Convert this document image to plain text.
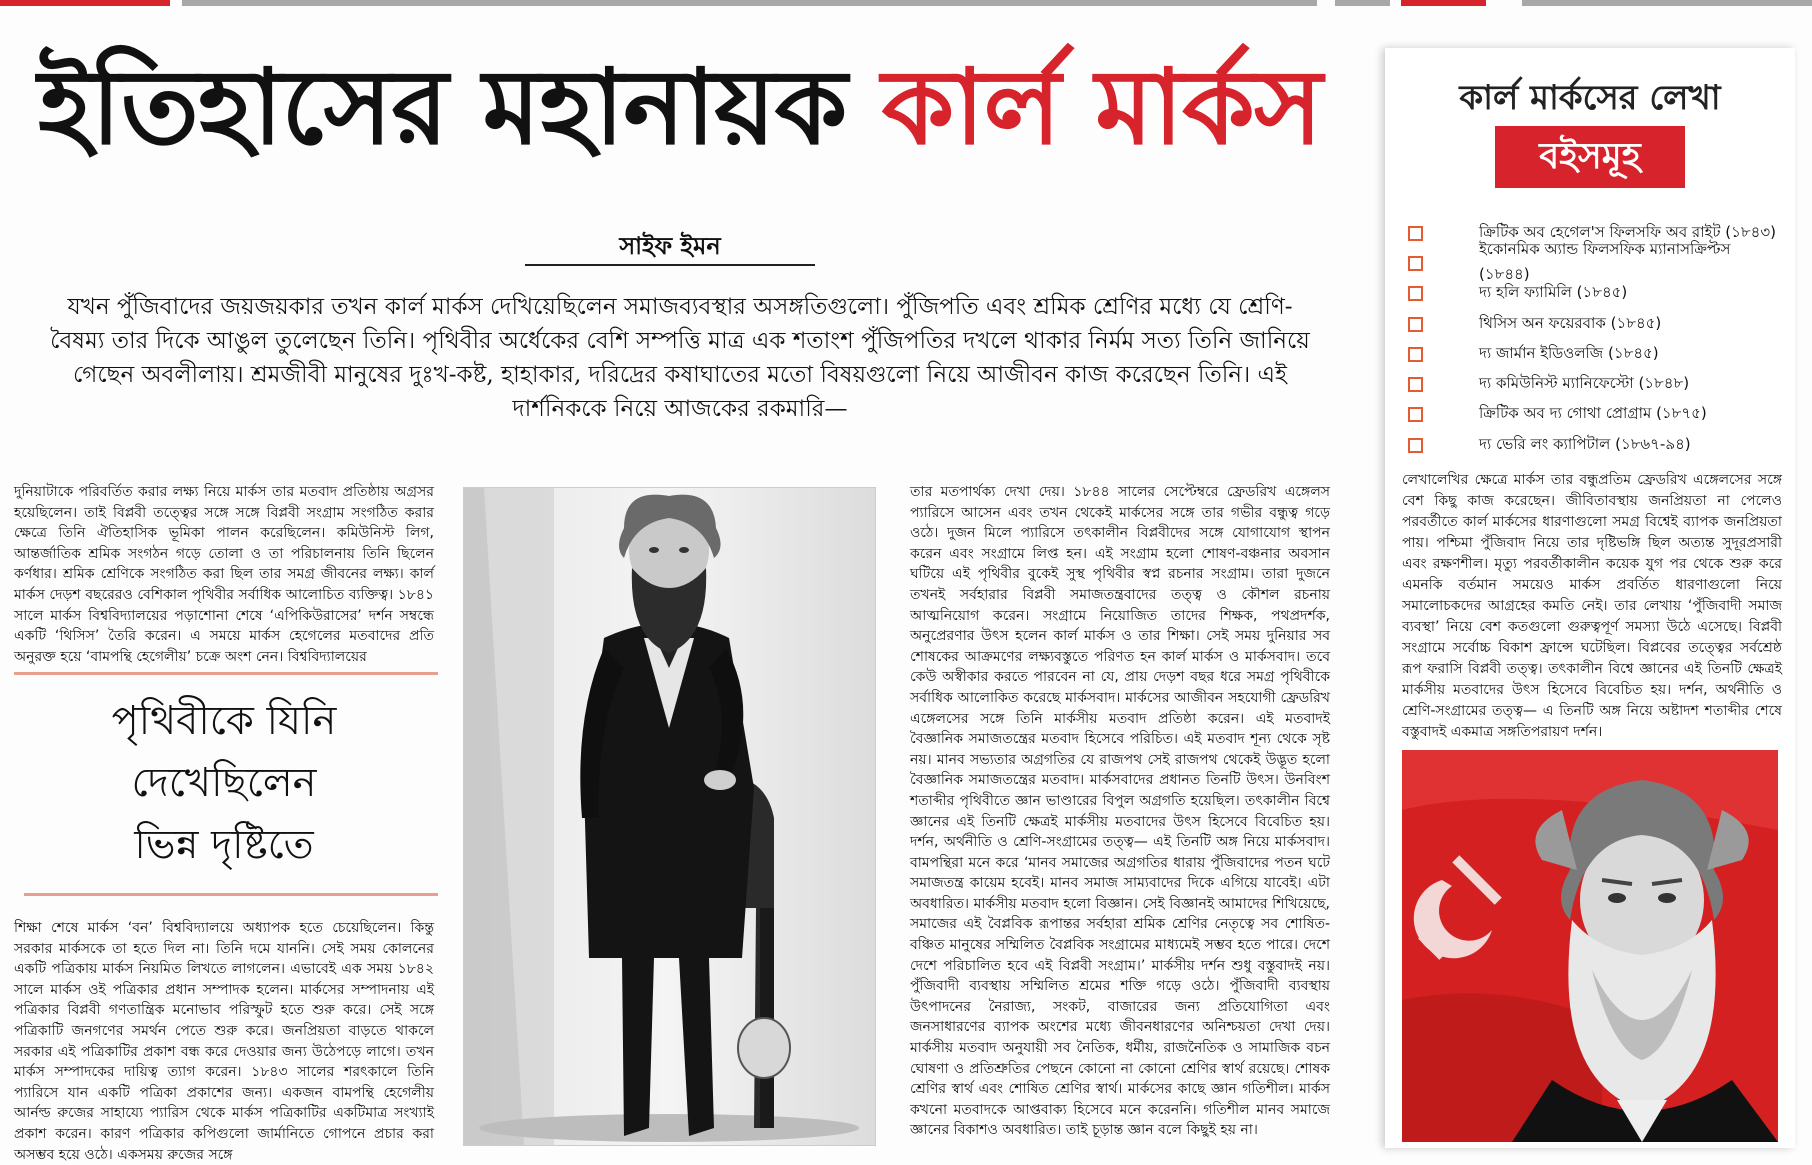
ইতিহাসের মহানায়ক কার্ল মার্কস
সাইফ ইমন
যখন পুঁজিবাদের জয়জয়কার তখন কার্ল মার্কস দেখিয়েছিলেন সমাজব্যবস্থার অসঙ্গতিগুলো। পুঁজিপতি এবং শ্রমিক শ্রেণির মধ্যে যে শ্রেণি-বৈষম্য তার দিকে আঙুল তুলেছেন তিনি। পৃথিবীর অর্ধেকের বেশি সম্পত্তি মাত্র এক শতাংশ পুঁজিপতির দখলে থাকার নির্মম সত্য তিনি জানিয়ে গেছেন অবলীলায়। শ্রমজীবী মানুষের দুঃখ-কষ্ট, হাহাকার, দরিদ্রের কষাঘাতের মতো বিষয়গুলো নিয়ে আজীবন কাজ করেছেন তিনি। এই দার্শনিককে নিয়ে আজকের রকমারি—

দুনিয়াটাকে পরিবর্তিত করার লক্ষ্য নিয়ে মার্কস তার মতবাদ প্রতিষ্ঠায় অগ্রসর হয়েছিলেন। তাই বিপ্লবী তত্ত্বের সঙ্গে সঙ্গে বিপ্লবী সংগ্রাম সংগঠিত করার ক্ষেত্রে তিনি ঐতিহাসিক ভূমিকা পালন করেছিলেন। কমিউনিস্ট লিগ, আন্তর্জাতিক শ্রমিক সংগঠন গড়ে তোলা ও তা পরিচালনায় তিনি ছিলেন কর্ণধার। শ্রমিক শ্রেণিকে সংগঠিত করা ছিল তার সমগ্র জীবনের লক্ষ্য। কার্ল মার্কস দেড়শ বছরেরও বেশিকাল পৃথিবীর সর্বাধিক আলোচিত ব্যক্তিত্ব। ১৮৪১ সালে মার্কস বিশ্ববিদ্যালয়ের পড়াশোনা শেষে ‘এপিকিউরাসের’ দর্শন সম্বন্ধে একটি ‘থিসিস’ তৈরি করেন। এ সময়ে মার্কস হেগেলের মতবাদের প্রতি অনুরক্ত হয়ে ‘বামপন্থি হেগেলীয়’ চক্রে অংশ নেন। বিশ্ববিদ্যালয়ের

পৃথিবীকে যিনি
দেখেছিলেন
ভিন্ন দৃষ্টিতে

শিক্ষা শেষে মার্কস ‘বন’ বিশ্ববিদ্যালয়ে অধ্যাপক হতে চেয়েছিলেন। কিন্তু সরকার মার্কসকে তা হতে দিল না। তিনি দমে যাননি। সেই সময় কোলনের একটি পত্রিকায় মার্কস নিয়মিত লিখতে লাগলেন। এভাবেই এক সময় ১৮৪২ সালে মার্কস ওই পত্রিকার প্রধান সম্পাদক হলেন। মার্কসের সম্পাদনায় এই পত্রিকার বিপ্লবী গণতান্ত্রিক মনোভাব পরিস্ফুট হতে শুরু করে। সেই সঙ্গে পত্রিকাটি জনগণের সমর্থন পেতে শুরু করে। জনপ্রিয়তা বাড়তে থাকলে সরকার এই পত্রিকাটির প্রকাশ বন্ধ করে দেওয়ার জন্য উঠেপড়ে লাগে। তখন মার্কস সম্পাদকের দায়িত্ব ত্যাগ করেন। ১৮৪৩ সালের শরৎকালে তিনি প্যারিসে যান একটি পত্রিকা প্রকাশের জন্য। একজন বামপন্থি হেগেলীয় আর্নল্ড রুজের সাহায্যে প্যারিস থেকে মার্কস পত্রিকাটির একটিমাত্র সংখ্যাই প্রকাশ করেন। কারণ পত্রিকার কপিগুলো জার্মানিতে গোপনে প্রচার করা অসম্ভব হয়ে ওঠে। একসময় রুজের সঙ্গে

তার মতপার্থক্য দেখা দেয়। ১৮৪৪ সালের সেপ্টেম্বরে ফ্রেডরিখ এঙ্গেলস প্যারিসে আসেন এবং তখন থেকেই মার্কসের সঙ্গে তার গভীর বন্ধুত্ব গড়ে ওঠে। দুজন মিলে প্যারিসে তৎকালীন বিপ্লবীদের সঙ্গে যোগাযোগ স্থাপন করেন এবং সংগ্রামে লিপ্ত হন। এই সংগ্রাম হলো শোষণ-বঞ্চনার অবসান ঘটিয়ে এই পৃথিবীর বুকেই সুস্থ পৃথিবীর স্বপ্ন রচনার সংগ্রাম। তারা দুজনে তখনই সর্বহারার বিপ্লবী সমাজতন্ত্রবাদের তত্ত্ব ও কৌশল রচনায় আত্মনিয়োগ করেন। সংগ্রামে নিয়োজিত তাদের শিক্ষক, পথপ্রদর্শক, অনুপ্রেরণার উৎস হলেন কার্ল মার্কস ও তার শিক্ষা। সেই সময় দুনিয়ার সব শোষকের আক্রমণের লক্ষ্যবস্তুতে পরিণত হন কার্ল মার্কস ও মার্কসবাদ। তবে কেউ অস্বীকার করতে পারবেন না যে, প্রায় দেড়শ বছর ধরে সমগ্র পৃথিবীকে সর্বাধিক আলোকিত করেছে মার্কসবাদ। মার্কসের আজীবন সহযোগী ফ্রেডরিখ এঙ্গেলসের সঙ্গে তিনি মার্কসীয় মতবাদ প্রতিষ্ঠা করেন। এই মতবাদই বৈজ্ঞানিক সমাজতন্ত্রের মতবাদ হিসেবে পরিচিত। এই মতবাদ শূন্য থেকে সৃষ্ট নয়। মানব সভ্যতার অগ্রগতির যে রাজপথ সেই রাজপথ থেকেই উদ্ভূত হলো বৈজ্ঞানিক সমাজতন্ত্রের মতবাদ। মার্কসবাদের প্রধানত তিনটি উৎস। উনবিংশ শতাব্দীর পৃথিবীতে জ্ঞান ভাণ্ডারের বিপুল অগ্রগতি হয়েছিল। তৎকালীন বিশ্বে জ্ঞানের এই তিনটি ক্ষেত্রই মার্কসীয় মতবাদের উৎস হিসেবে বিবেচিত হয়। দর্শন, অর্থনীতি ও শ্রেণি-সংগ্রামের তত্ত্ব— এই তিনটি অঙ্গ নিয়ে মার্কসবাদ। বামপন্থিরা মনে করে ‘মানব সমাজের অগ্রগতির ধারায় পুঁজিবাদের পতন ঘটে সমাজতন্ত্র কায়েম হবেই। মানব সমাজ সাম্যবাদের দিকে এগিয়ে যাবেই। এটা অবধারিত। মার্কসীয় মতবাদ হলো বিজ্ঞান। সেই বিজ্ঞানই আমাদের শিখিয়েছে, সমাজের এই বৈপ্লবিক রূপান্তর সর্বহারা শ্রমিক শ্রেণির নেতৃত্বে সব শোষিত-বঞ্চিত মানুষের সম্মিলিত বৈপ্লবিক সংগ্রামের মাধ্যমেই সম্ভব হতে পারে। দেশে দেশে পরিচালিত হবে এই বিপ্লবী সংগ্রাম।’ মার্কসীয় দর্শন শুধু বস্তুবাদই নয়। পুঁজিবাদী ব্যবস্থায় সম্মিলিত শ্রমের শক্তি গড়ে ওঠে। পুঁজিবাদী ব্যবস্থায় উৎপাদনের নৈরাজ্য, সংকট, বাজারের জন্য প্রতিযোগিতা এবং জনসাধারণের ব্যাপক অংশের মধ্যে জীবনধারণের অনিশ্চয়তা দেখা দেয়। মার্কসীয় মতবাদ অনুযায়ী সব নৈতিক, ধর্মীয়, রাজনৈতিক ও সামাজিক বচন ঘোষণা ও প্রতিশ্রুতির পেছনে কোনো না কোনো শ্রেণির স্বার্থ রয়েছে। শোষক শ্রেণির স্বার্থ এবং শোষিত শ্রেণির স্বার্থ। মার্কসের কাছে জ্ঞান গতিশীল। মার্কস কখনো মতবাদকে আপ্তবাক্য হিসেবে মনে করেননি। গতিশীল মানব সমাজে জ্ঞানের বিকাশও অবধারিত। তাই চূড়ান্ত জ্ঞান বলে কিছুই হয় না।

কার্ল মার্কসের লেখা
বইসমূহ
ক্রিটিক অব হেগেল'স ফিলসফি অব রাইট (১৮৪৩)
ইকোনমিক অ্যান্ড ফিলসফিক ম্যানাসক্রিপ্টস (১৮৪৪)
দ্য হলি ফ্যামিলি (১৮৪৫)
থিসিস অন ফয়েরবাক (১৮৪৫)
দ্য জার্মান ইডিওলজি (১৮৪৫)
দ্য কমিউনিস্ট ম্যানিফেস্টো (১৮৪৮)
ক্রিটিক অব দ্য গোথা প্রোগ্রাম (১৮৭৫)
দ্য ভেরি লং ক্যাপিটাল (১৮৬৭-৯৪)

লেখালেখির ক্ষেত্রে মার্কস তার বন্ধুপ্রতিম ফ্রেডরিখ এঙ্গেলসের সঙ্গে বেশ কিছু কাজ করেছেন। জীবিতাবস্থায় জনপ্রিয়তা না পেলেও পরবর্তীতে কার্ল মার্কসের ধারণাগুলো সমগ্র বিশ্বেই ব্যাপক জনপ্রিয়তা পায়। পশ্চিমা পুঁজিবাদ নিয়ে তার দৃষ্টিভঙ্গি ছিল অত্যন্ত সুদূরপ্রসারী এবং রক্ষণশীল। মৃত্যু পরবর্তীকালীন কয়েক যুগ পর থেকে শুরু করে এমনকি বর্তমান সময়েও মার্কস প্রবর্তিত ধারণাগুলো নিয়ে সমালোচকদের আগ্রহের কমতি নেই। তার লেখায় ‘পুঁজিবাদী সমাজ ব্যবস্থা’ নিয়ে বেশ কতগুলো গুরুত্বপূর্ণ সমস্যা উঠে এসেছে। বিপ্লবী সংগ্রামে সর্বোচ্চ বিকাশ ফ্রান্সে ঘটেছিল। বিপ্লবের তত্ত্বের সর্বশ্রেষ্ঠ রূপ ফরাসি বিপ্লবী তত্ত্ব। তৎকালীন বিশ্বে জ্ঞানের এই তিনটি ক্ষেত্রই মার্কসীয় মতবাদের উৎস হিসেবে বিবেচিত হয়। দর্শন, অর্থনীতি ও শ্রেণি-সংগ্রামের তত্ত্ব— এ তিনটি অঙ্গ নিয়ে অষ্টাদশ শতাব্দীর শেষে বস্তুবাদই একমাত্র সঙ্গতিপরায়ণ দর্শন।
